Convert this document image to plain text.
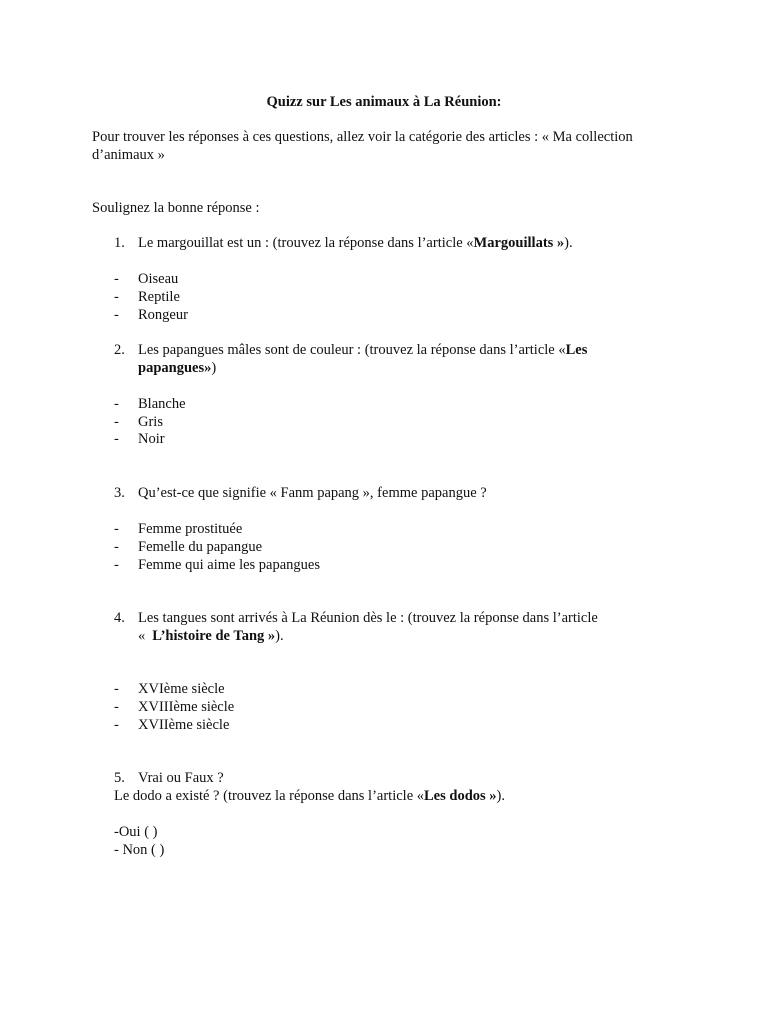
Quizz sur Les animaux à La Réunion:
Pour trouver les réponses à ces questions, allez voir la catégorie des articles : « Ma collection
d’animaux »
Soulignez la bonne réponse :
1. Le margouillat est un : (trouvez la réponse dans l’article «Margouillats »).
- Oiseau
- Reptile
- Rongeur
2. Les papangues mâles sont de couleur : (trouvez la réponse dans l’article «Les
papangues»)
- Blanche
- Gris
- Noir
3. Qu’est-ce que signifie « Fanm papang », femme papangue ?
- Femme prostituée
- Femelle du papangue
- Femme qui aime les papangues
4. Les tangues sont arrivés à La Réunion dès le : (trouvez la réponse dans l’article
« L’histoire de Tang »).
- XVIème siècle
- XVIIIème siècle
- XVIIème siècle
5. Vrai ou Faux ?
Le dodo a existé ? (trouvez la réponse dans l’article «Les dodos »).
-Oui ( )
- Non ( )
